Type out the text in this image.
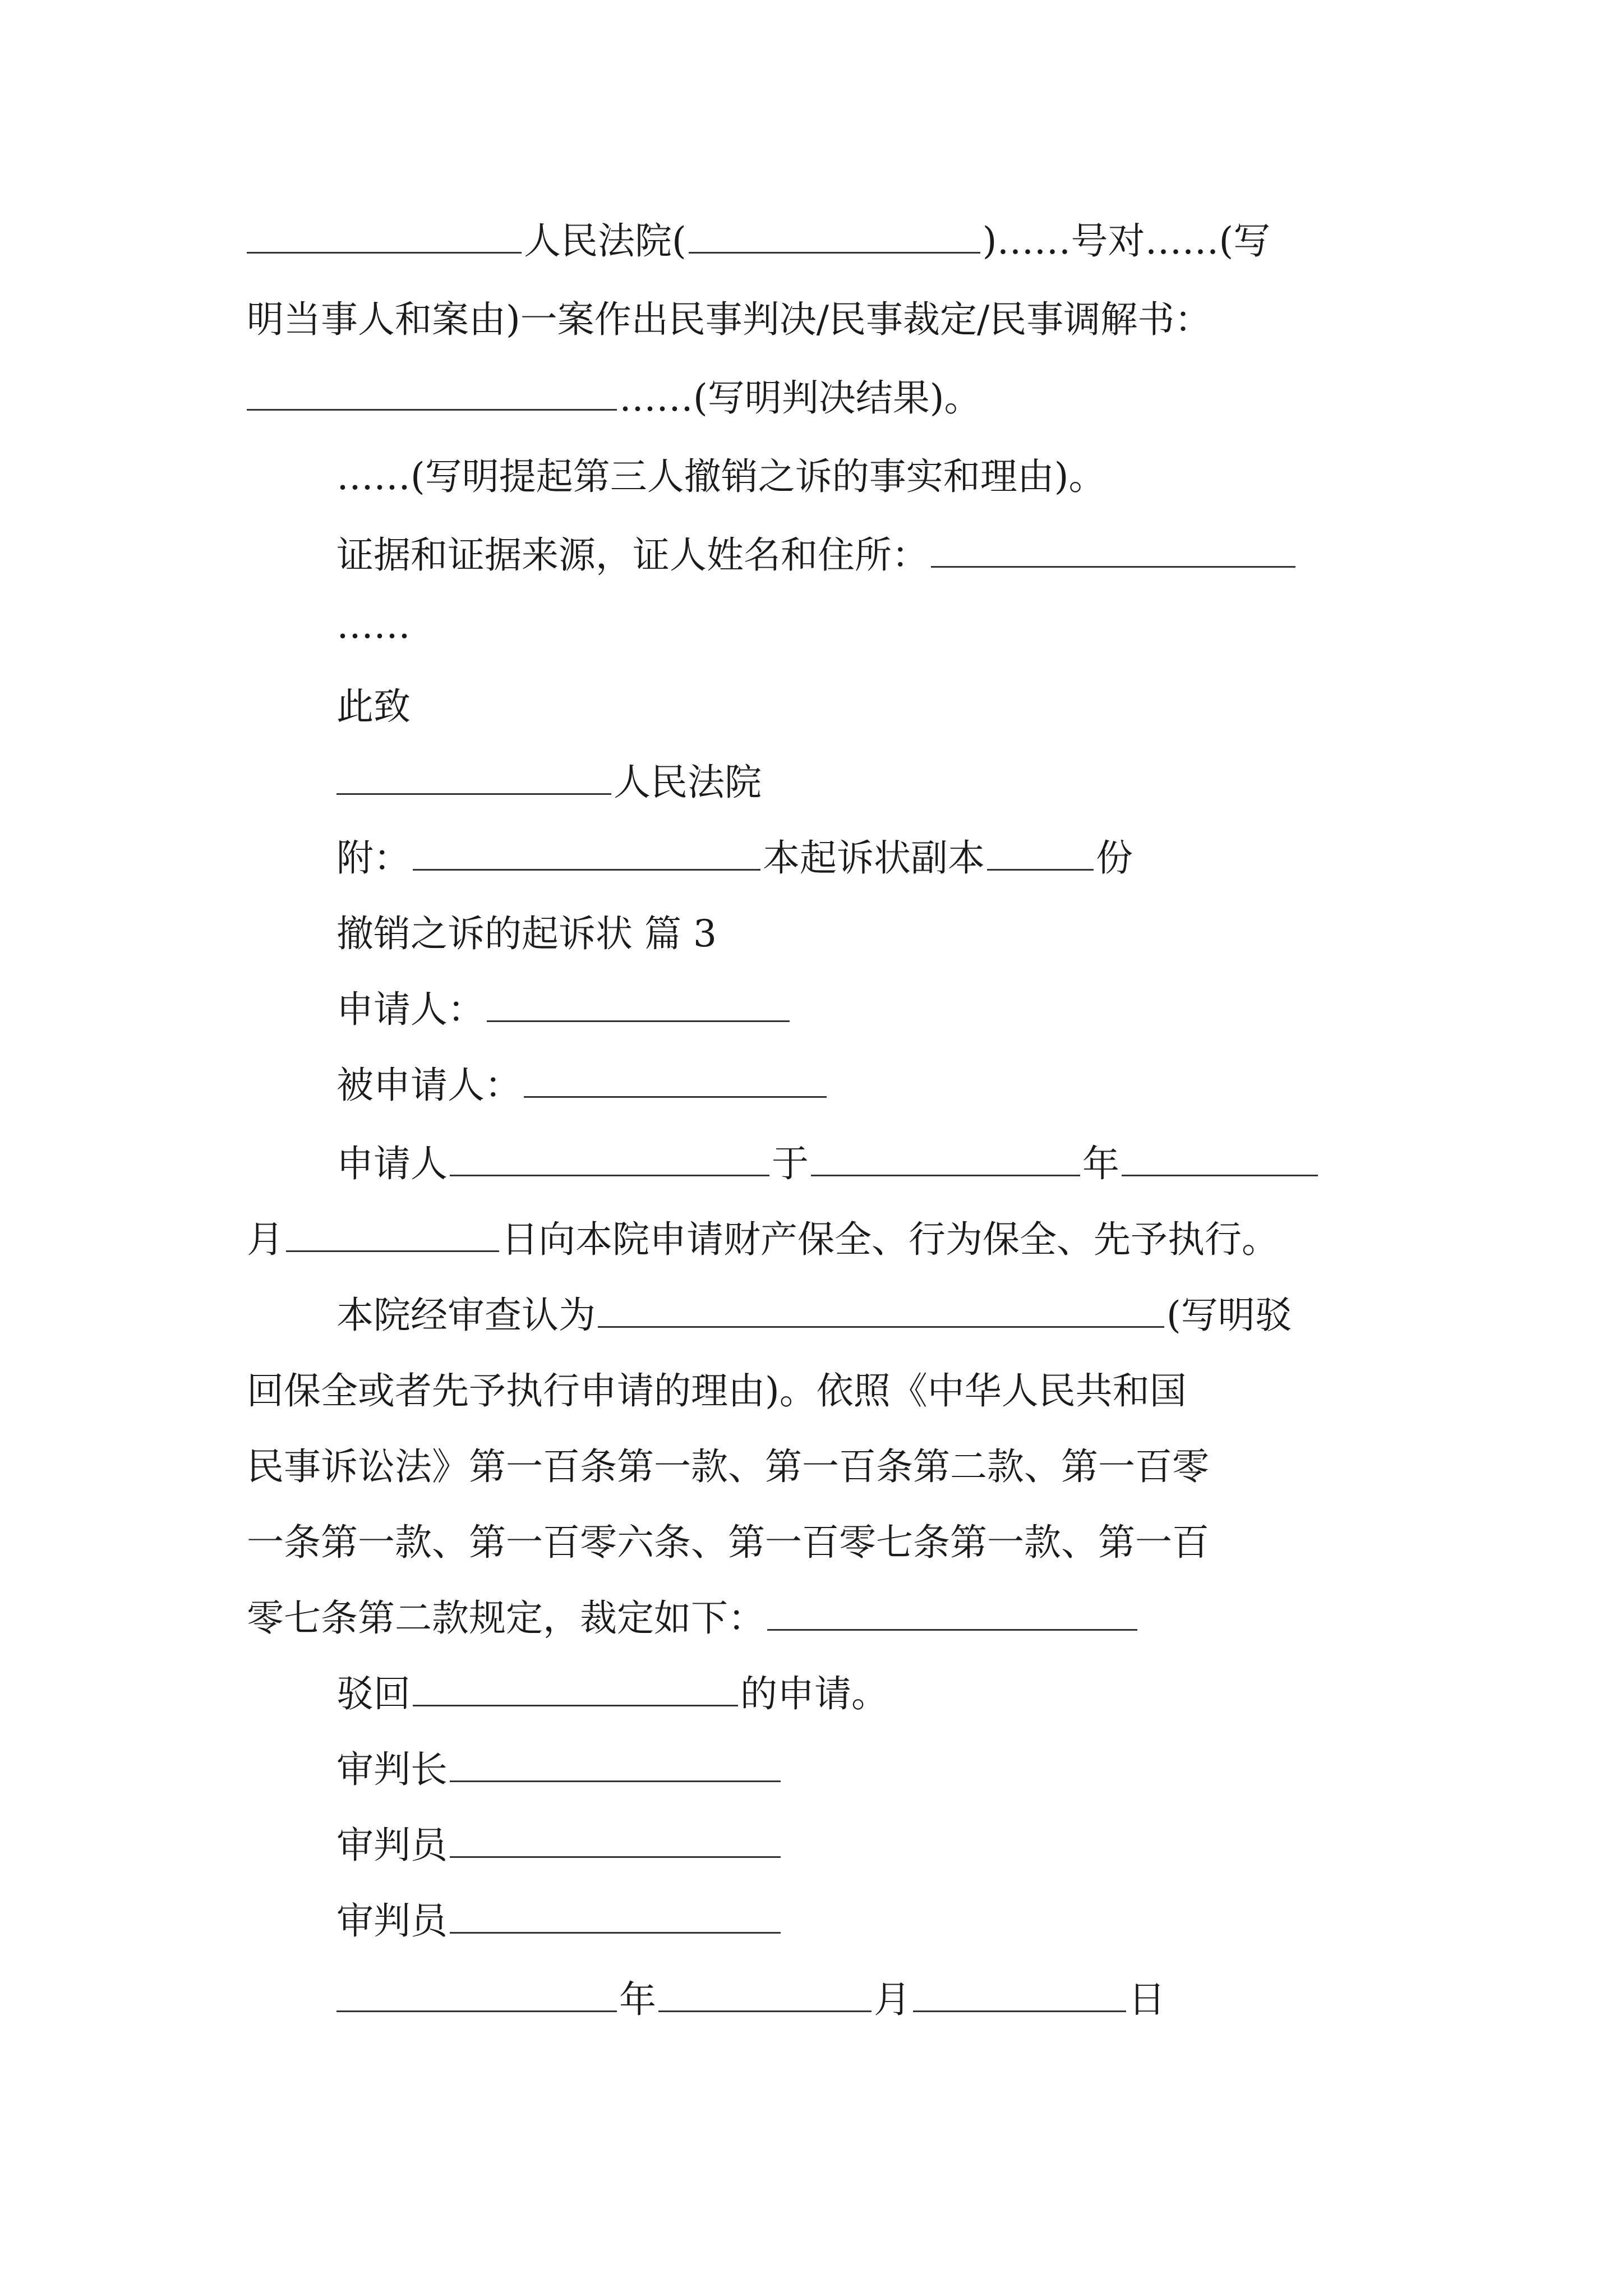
人民法院(	)……号对……(写
明当事人和案由)一案作出民事判决/民事裁定/民事调解书：
……(写明判决结果)。
……(写明提起第三人撤销之诉的事实和理由)。
证据和证据来源，证人姓名和住所：
……
此致
人民法院
附：	本起诉状副本	份
撤销之诉的起诉状 篇 3
申请人：
被申请人：
申请人	于	年
月	日向本院申请财产保全、行为保全、先予执行。
本院经审查认为	(写明驳
回保全或者先予执行申请的理由)。依照《中华人民共和国
民事诉讼法》第一百条第一款、第一百条第二款、第一百零
一条第一款、第一百零六条、第一百零七条第一款、第一百
零七条第二款规定，裁定如下：
驳回	的申请。
审判长
审判员
审判员
年	月	日
